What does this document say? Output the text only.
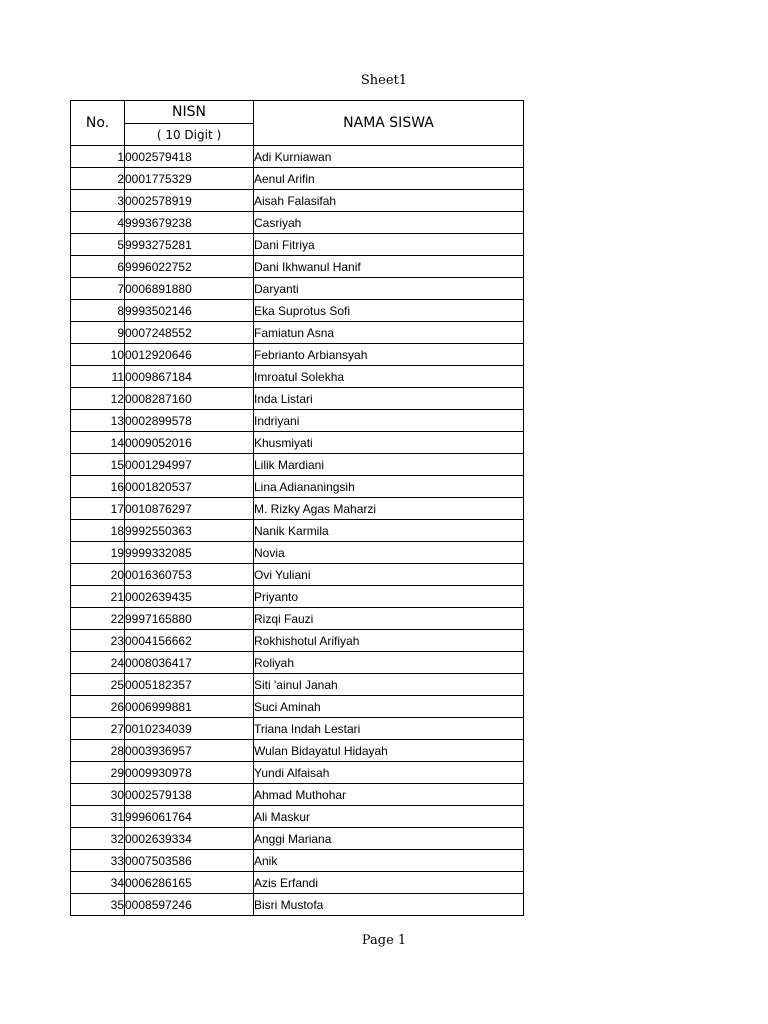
Sheet1
No.	NISN	NAMA SISWA
	( 10 Digit )	
1	0002579418	Adi Kurniawan
2	0001775329	Aenul Arifin
3	0002578919	Aisah Falasifah
4	9993679238	Casriyah
5	9993275281	Dani Fitriya
6	9996022752	Dani Ikhwanul Hanif
7	0006891880	Daryanti
8	9993502146	Eka Suprotus Sofi
9	0007248552	Famiatun Asna
10	0012920646	Febrianto Arbiansyah
11	0009867184	Imroatul Solekha
12	0008287160	Inda Listari
13	0002899578	Indriyani
14	0009052016	Khusmiyati
15	0001294997	Lilik Mardiani
16	0001820537	Lina Adiananingsih
17	0010876297	M. Rizky Agas Maharzi
18	9992550363	Nanik Karmila
19	9999332085	Novia
20	0016360753	Ovi Yuliani
21	0002639435	Priyanto
22	9997165880	Rizqi Fauzi
23	0004156662	Rokhishotul Arifiyah
24	0008036417	Roliyah
25	0005182357	Siti 'ainul Janah
26	0006999881	Suci Aminah
27	0010234039	Triana Indah Lestari
28	0003936957	Wulan Bidayatul Hidayah
29	0009930978	Yundi Alfaisah
30	0002579138	Ahmad Muthohar
31	9996061764	Ali Maskur
32	0002639334	Anggi Mariana
33	0007503586	Anik
34	0006286165	Azis Erfandi
35	0008597246	Bisri Mustofa
Page 1
